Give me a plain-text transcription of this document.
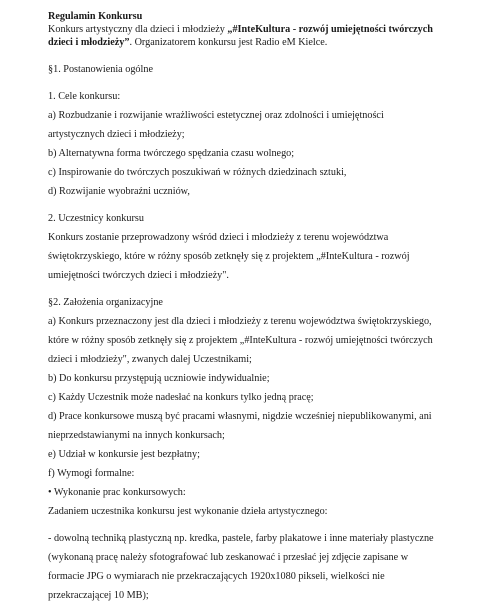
Regulamin Konkursu
Konkurs artystyczny dla dzieci i młodzieży „#InteKultura - rozwój umiejętności twórczych
dzieci i młodzieży”. Organizatorem konkursu jest Radio eM Kielce.
§1. Postanowienia ogólne
1. Cele konkursu:
a) Rozbudzanie i rozwijanie wrażliwości estetycznej oraz zdolności i umiejętności
artystycznych dzieci i młodzieży;
b) Alternatywna forma twórczego spędzania czasu wolnego;
c) Inspirowanie do twórczych poszukiwań w różnych dziedzinach sztuki,
d) Rozwijanie wyobraźni uczniów,
2. Uczestnicy konkursu
Konkurs zostanie przeprowadzony wśród dzieci i młodzieży z terenu województwa
świętokrzyskiego, które w różny sposób zetknęły się z projektem „#InteKultura - rozwój
umiejętności twórczych dzieci i młodzieży".
§2. Założenia organizacyjne
a) Konkurs przeznaczony jest dla dzieci i młodzieży z terenu województwa świętokrzyskiego,
które w różny sposób zetknęły się z projektem „#InteKultura - rozwój umiejętności twórczych
dzieci i młodzieży", zwanych dalej Uczestnikami;
b) Do konkursu przystępują uczniowie indywidualnie;
c) Każdy Uczestnik może nadesłać na konkurs tylko jedną pracę;
d) Prace konkursowe muszą być pracami własnymi, nigdzie wcześniej niepublikowanymi, ani
nieprzedstawianymi na innych konkursach;
e) Udział w konkursie jest bezpłatny;
f) Wymogi formalne:
• Wykonanie prac konkursowych:
Zadaniem uczestnika konkursu jest wykonanie dzieła artystycznego:
- dowolną techniką plastyczną np. kredka, pastele, farby plakatowe i inne materiały plastyczne
(wykonaną pracę należy sfotografować lub zeskanować i przesłać jej zdjęcie zapisane w
formacie JPG o wymiarach nie przekraczających 1920x1080 pikseli, wielkości nie
przekraczającej 10 MB);
